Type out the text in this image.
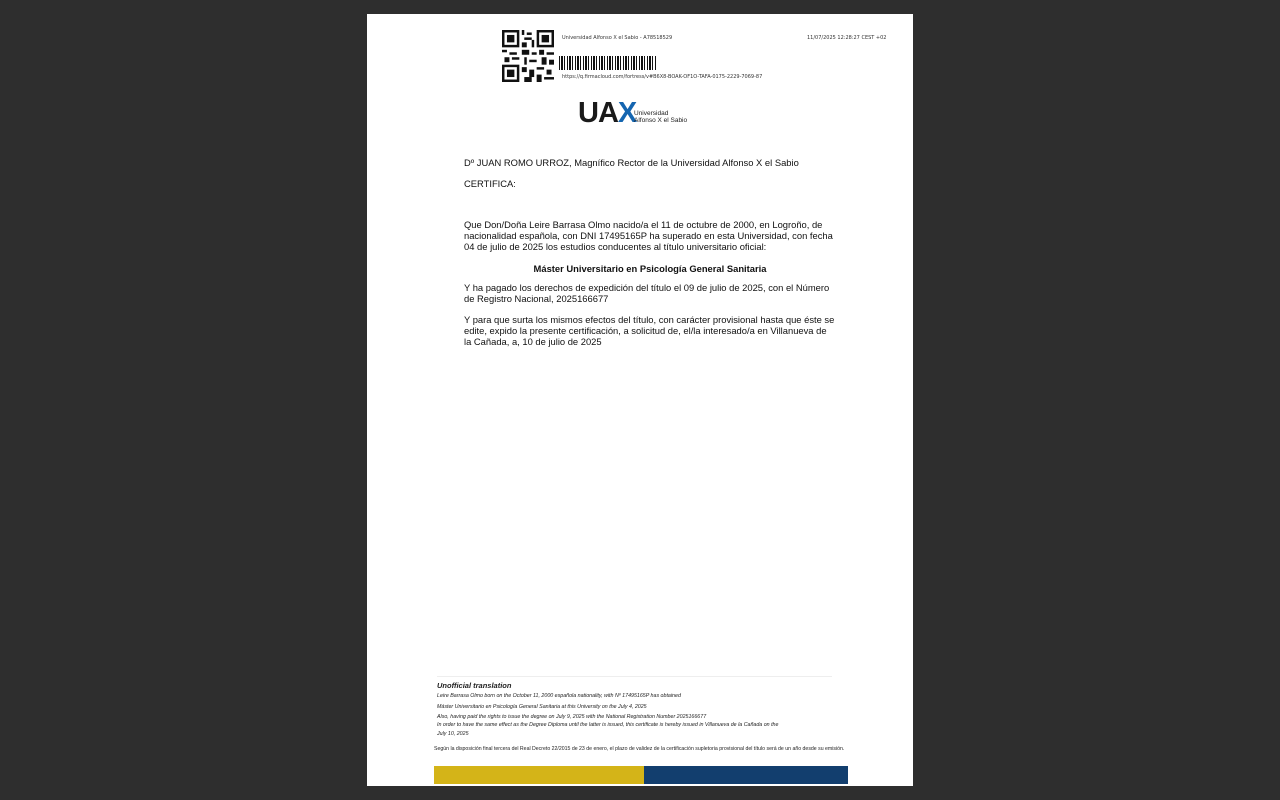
Universidad Alfonso X el Sabio - A78518529	11/07/2025 12:28:27 CEST +02
https://q.firmacloud.com/fortress/v#B6X8-BOAK-OF1O-TAFA-0175-2229-7069-87
UAX
Universidad
Alfonso X el Sabio
Dº JUAN ROMO URROZ, Magnífico Rector de la Universidad Alfonso X el Sabio
CERTIFICA:
Que Don/Doña Leire Barrasa Olmo nacido/a el 11 de octubre de 2000, en Logroño, de nacionalidad española, con DNI 17495165P ha superado en esta Universidad, con fecha 04 de julio de 2025 los estudios conducentes al título universitario oficial:
Máster Universitario en Psicología General Sanitaria
Y ha pagado los derechos de expedición del título el 09 de julio de 2025, con el Número de Registro Nacional, 2025166677
Y para que surta los mismos efectos del título, con carácter provisional hasta que éste se edite, expido la presente certificación, a solicitud de, el/la interesado/a en Villanueva de la Cañada, a, 10 de julio de 2025
Unofficial translation
Leire Barrasa Olmo born on the October 11, 2000 española nationality, with Nº 17495165P has obtained
Máster Universitario en Psicología General Sanitaria at this University on the July 4, 2025
Also, having paid the rights to issue the degree on July 9, 2025 with the National Registration Number 2025166677
In order to have the same effect as the Degree Diploma until the latter is issued, this certificate is hereby issued in Villanueva de la Cañada on the
July 10, 2025
Según la disposición final tercera del Real Decreto 22/2015 de 23 de enero, el plazo de validez de la certificación supletoria provisional del título será de un año desde su emisión.
